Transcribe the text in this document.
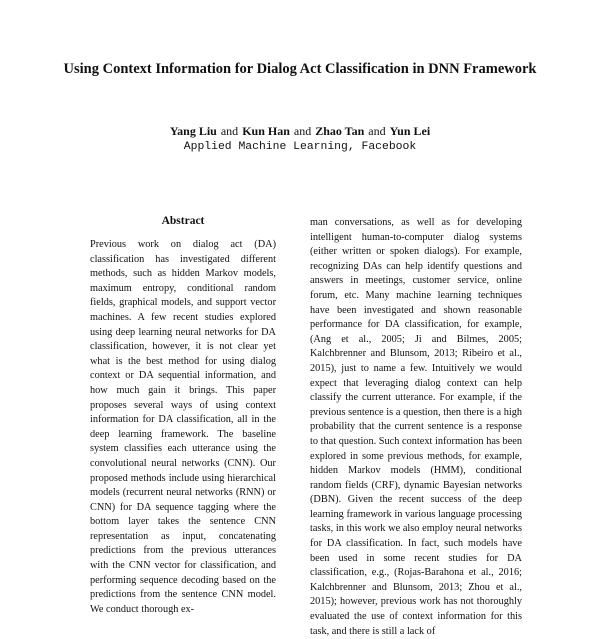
Using Context Information for Dialog Act Classification in DNN Framework
Yang Liu and Kun Han and Zhao Tan and Yun Lei
Applied Machine Learning, Facebook
Abstract

Previous work on dialog act (DA) classification has investigated different methods, such as hidden Markov models, maximum entropy, conditional random fields, graphical models, and support vector machines. A few recent studies explored using deep learning neural networks for DA classification, however, it is not clear yet what is the best method for using dialog context or DA sequential information, and how much gain it brings. This paper proposes several ways of using context information for DA classification, all in the deep learning framework. The baseline system classifies each utterance using the convolutional neural networks (CNN). Our proposed methods include using hierarchical models (recurrent neural networks (RNN) or CNN) for DA sequence tagging where the bottom layer takes the sentence CNN representation as input, concatenating predictions from the previous utterances with the CNN vector for classification, and performing sequence decoding based on the predictions from the sentence CNN model. We conduct thorough ex-

man conversations, as well as for developing intelligent human-to-computer dialog systems (either written or spoken dialogs). For example, recognizing DAs can help identify questions and answers in meetings, customer service, online forum, etc. Many machine learning techniques have been investigated and shown reasonable performance for DA classification, for example, (Ang et al., 2005; Ji and Bilmes, 2005; Kalchbrenner and Blunsom, 2013; Ribeiro et al., 2015), just to name a few. Intuitively we would expect that leveraging dialog context can help classify the current utterance. For example, if the previous sentence is a question, then there is a high probability that the current sentence is a response to that question. Such context information has been explored in some previous methods, for example, hidden Markov models (HMM), conditional random fields (CRF), dynamic Bayesian networks (DBN). Given the recent success of the deep learning framework in various language processing tasks, in this work we also employ neural networks for DA classification. In fact, such models have been used in some recent studies for DA classification, e.g., (Rojas-Barahona et al., 2016; Kalchbrenner and Blunsom, 2013; Zhou et al., 2015); however, previous work has not thoroughly evaluated the use of context information for this task, and there is still a lack of
